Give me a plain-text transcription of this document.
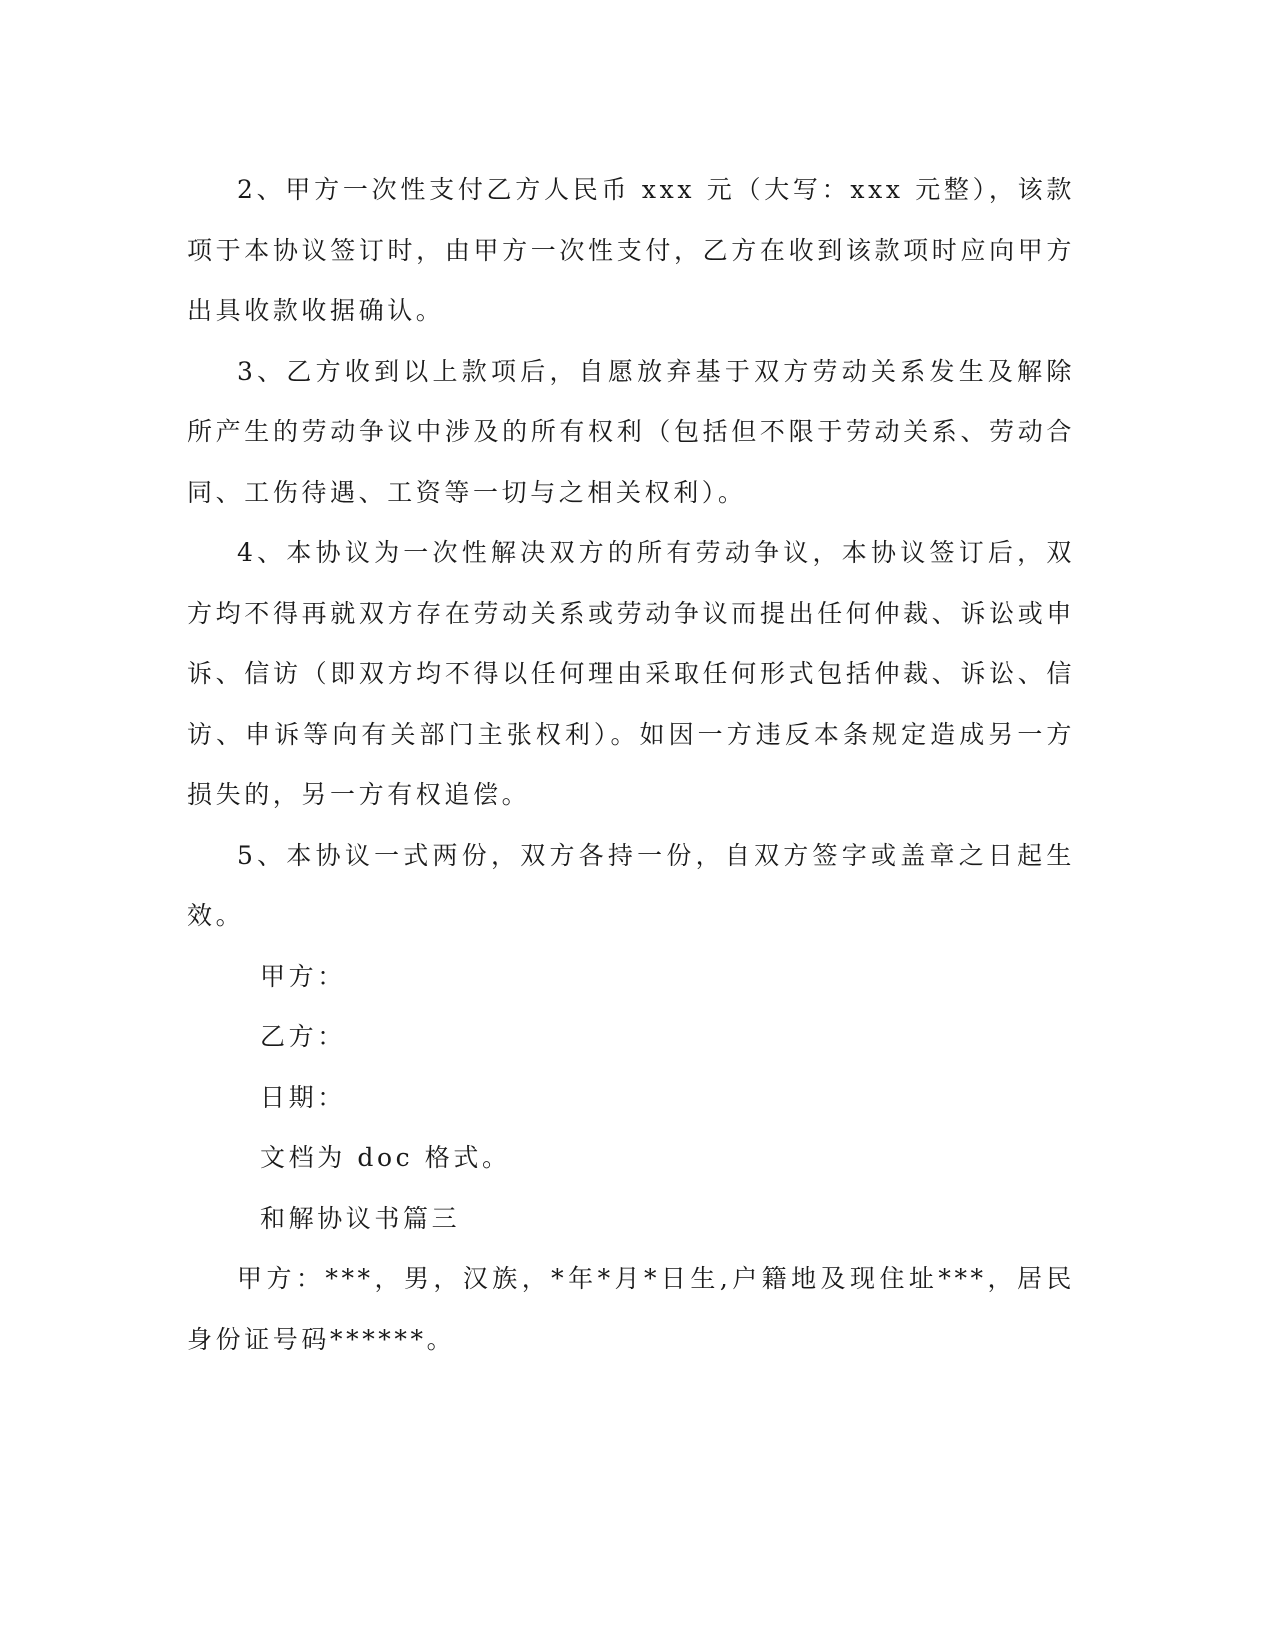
2、甲方一次性支付乙方人民币 xxx 元（大写：xxx 元整），该款项于本协议签订时，由甲方一次性支付，乙方在收到该款项时应向甲方出具收款收据确认。

3、乙方收到以上款项后，自愿放弃基于双方劳动关系发生及解除所产生的劳动争议中涉及的所有权利（包括但不限于劳动关系、劳动合同、工伤待遇、工资等一切与之相关权利）。

4、本协议为一次性解决双方的所有劳动争议，本协议签订后，双方均不得再就双方存在劳动关系或劳动争议而提出任何仲裁、诉讼或申诉、信访（即双方均不得以任何理由采取任何形式包括仲裁、诉讼、信访、申诉等向有关部门主张权利）。如因一方违反本条规定造成另一方损失的，另一方有权追偿。

5、本协议一式两份，双方各持一份，自双方签字或盖章之日起生效。

甲方：

乙方：

日期：

文档为 doc 格式。

和解协议书篇三

甲方：***，男，汉族，*年*月*日生,户籍地及现住址***，居民身份证号码******。
